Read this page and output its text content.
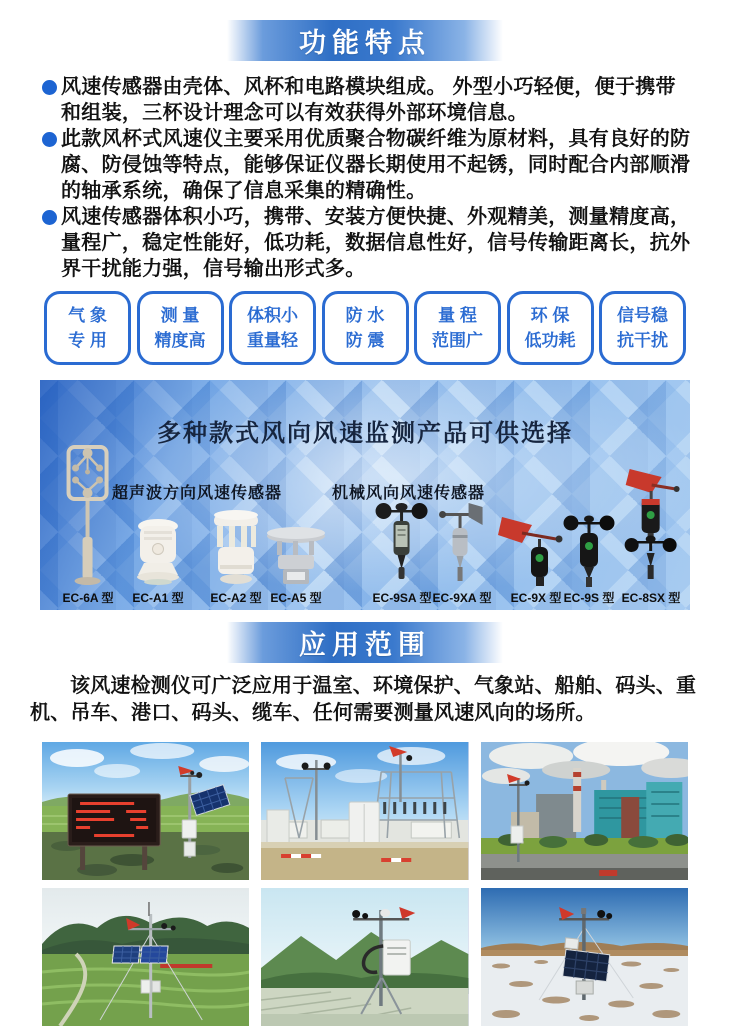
功能特点

风速传感器由壳体、风杯和电路模块组成。 外型小巧轻便，便于携带和组装，三杯设计理念可以有效获得外部环境信息。

此款风杯式风速仪主要采用优质聚合物碳纤维为原材料，具有良好的防腐、防侵蚀等特点，能够保证仪器长期使用不起锈，同时配合内部顺滑的轴承系统，确保了信息采集的精确性。

风速传感器体积小巧，携带、安装方便快捷、外观精美，测量精度高，量程广，稳定性能好，低功耗，数据信息性好，信号传输距离长，抗外界干扰能力强，信号输出形式多。

气 象
专 用
测 量
精度高
体积小
重量轻
防 水
防 震
量 程
范围广
环 保
低功耗
信号稳
抗干扰
多种款式风向风速监测产品可供选择
超声波方向风速传感器	机械风向风速传感器
EC-6A 型 EC-A1 型 EC-A2 型 EC-A5 型	EC-9SA 型 EC-9XA 型 EC-9X 型 EC-9S 型 EC-8SX 型
应用范围

该风速检测仪可广泛应用于温室、环境保护、气象站、船舶、码头、重机、吊车、港口、码头、缆车、任何需要测量风速风向的场所。
